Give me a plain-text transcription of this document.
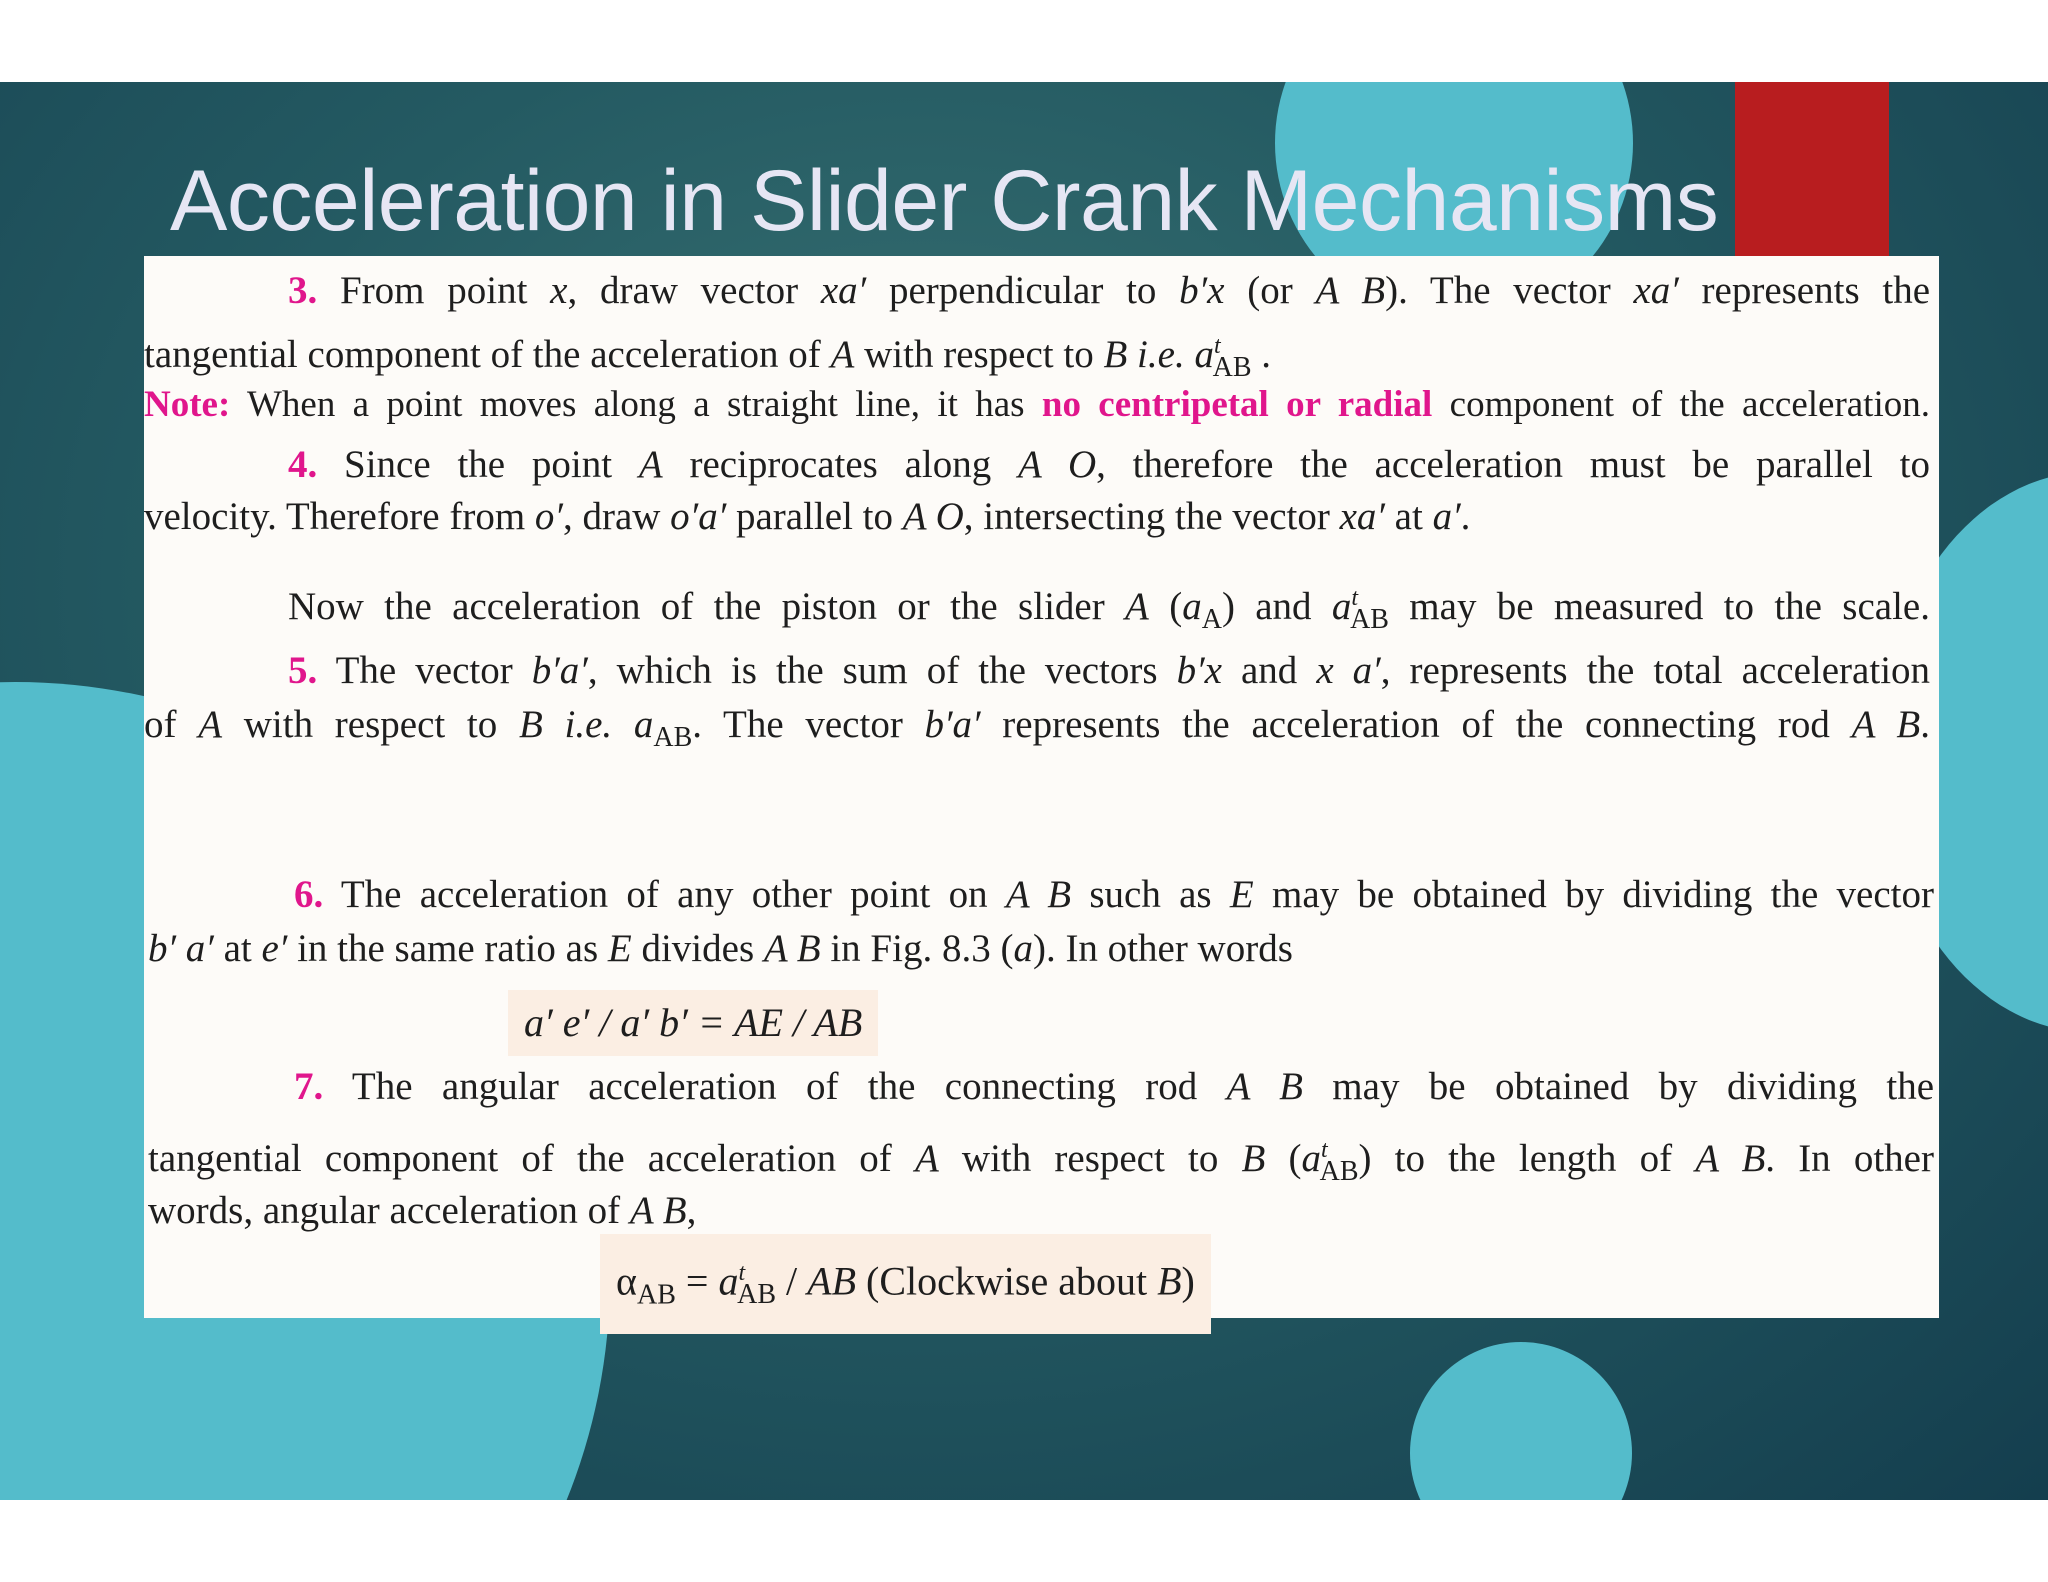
Acceleration in Slider Crank Mechanisms
3. From point x, draw vector xa′ perpendicular to b′x (or A B). The vector xa′ represents the
tangential component of the acceleration of A with respect to B i.e. $a^t_{AB}$ .
Note: When a point moves along a straight line, it has no centripetal or radial component of the acceleration.
4. Since the point A reciprocates along A O, therefore the acceleration must be parallel to
velocity. Therefore from o′, draw o′a′ parallel to A O, intersecting the vector xa′ at a′.
Now the acceleration of the piston or the slider A $(a_A)$ and $a^t_{AB}$ may be measured to the scale.
5. The vector b′a′, which is the sum of the vectors b′x and x a′, represents the total acceleration
of A with respect to B i.e. $a_{AB}$. The vector b′a′ represents the acceleration of the connecting rod A B.
6. The acceleration of any other point on A B such as E may be obtained by dividing the vector
b′ a′ at e′ in the same ratio as E divides A B in Fig. 8.3 (a). In other words
a′ e′ / a′ b′ = AE / AB
7. The angular acceleration of the connecting rod A B may be obtained by dividing the
tangential component of the acceleration of A with respect to B $(a^t_{AB})$ to the length of A B. In other
words, angular acceleration of A B,
$\alpha_{AB} = a^t_{AB}$ / AB (Clockwise about B)
